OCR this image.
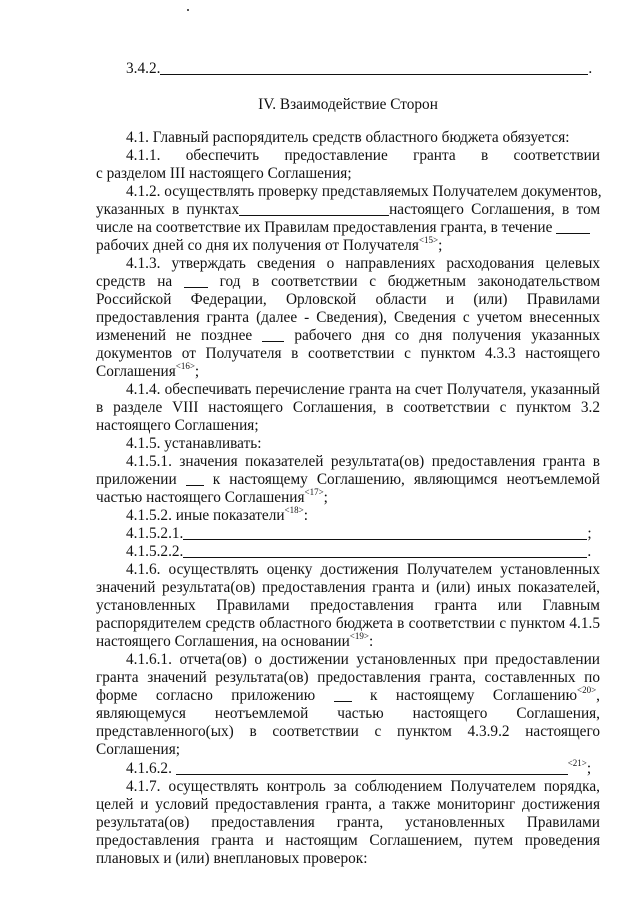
3.4.2.	.
IV. Взаимодействие Сторон
4.1. Главный распорядитель средств областного бюджета обязуется:
4.1.1. обеспечить предоставление гранта в соответствии
с разделом III настоящего Соглашения;
4.1.2. осуществлять проверку представляемых Получателем документов,
указанных в пунктах	настоящего Соглашения, в том
числе на соответствие их Правилам предоставления гранта, в течение
рабочих дней со дня их получения от Получателя$^{<15>}$;
4.1.3. утверждать сведения о направлениях расходования целевых
средств на	год в соответствии с бюджетным законодательством
Российской Федерации, Орловской области и (или) Правилами
предоставления гранта (далее - Сведения), Сведения с учетом внесенных
изменений не позднее	рабочего дня со дня получения указанных
документов от Получателя в соответствии с пунктом 4.3.3 настоящего
Соглашения$^{<16>}$;
4.1.4. обеспечивать перечисление гранта на счет Получателя, указанный
в разделе VIII настоящего Соглашения, в соответствии с пунктом 3.2
настоящего Соглашения;
4.1.5. устанавливать:
4.1.5.1. значения показателей результата(ов) предоставления гранта в
приложении к настоящему Соглашению, являющимся неотъемлемой
частью настоящего Соглашения$^{<17>}$;
4.1.5.2. иные показатели$^{<18>}$:
4.1.5.2.1.	;
4.1.5.2.2.	.
4.1.6. осуществлять оценку достижения Получателем установленных
значений результата(ов) предоставления гранта и (или) иных показателей,
установленных Правилами предоставления гранта или Главным
распорядителем средств областного бюджета в соответствии с пунктом 4.1.5
настоящего Соглашения, на основании$^{<19>}$:
4.1.6.1. отчета(ов) о достижении установленных при предоставлении
гранта значений результата(ов) предоставления гранта, составленных по
форме согласно приложению	к настоящему Соглашению$^{<20>}$,
являющемуся неотъемлемой частью настоящего Соглашения,
представленного(ых) в соответствии с пунктом 4.3.9.2 настоящего
Соглашения;
4.1.6.2.	$^{<21>}$;
4.1.7. осуществлять контроль за соблюдением Получателем порядка,
целей и условий предоставления гранта, а также мониторинг достижения
результата(ов) предоставления гранта, установленных Правилами
предоставления гранта и настоящим Соглашением, путем проведения
плановых и (или) внеплановых проверок:
